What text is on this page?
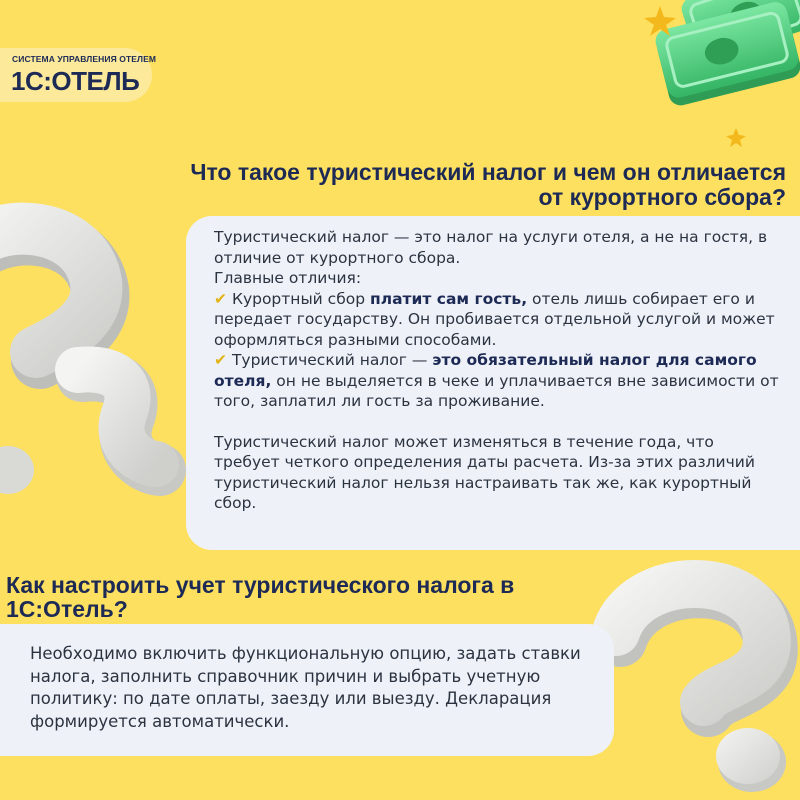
СИСТЕМА УПРАВЛЕНИЯ ОТЕЛЕМ
1С:ОТЕЛЬ
Что такое туристический налог и чем он отличается
от курортного сбора?

Туристический налог — это налог на услуги отеля, а не на гостя, в отличие от курортного сбора.

Главные отличия:

✔ Курортный сбор платит сам гость, отель лишь собирает его и передает государству. Он пробивается отдельной услугой и может оформляться разными способами.

✔ Туристический налог — это обязательный налог для самого отеля, он не выделяется в чеке и уплачивается вне зависимости от того, заплатил ли гость за проживание.

Туристический налог может изменяться в течение года, что требует четкого определения даты расчета. Из-за этих различий туристический налог нельзя настраивать так же, как курортный сбор.

Как настроить учет туристического налога в
1С:Отель?
Необходимо включить функциональную опцию, задать ставки налога, заполнить справочник причин и выбрать учетную политику: по дате оплаты, заезду или выезду. Декларация формируется автоматически.
